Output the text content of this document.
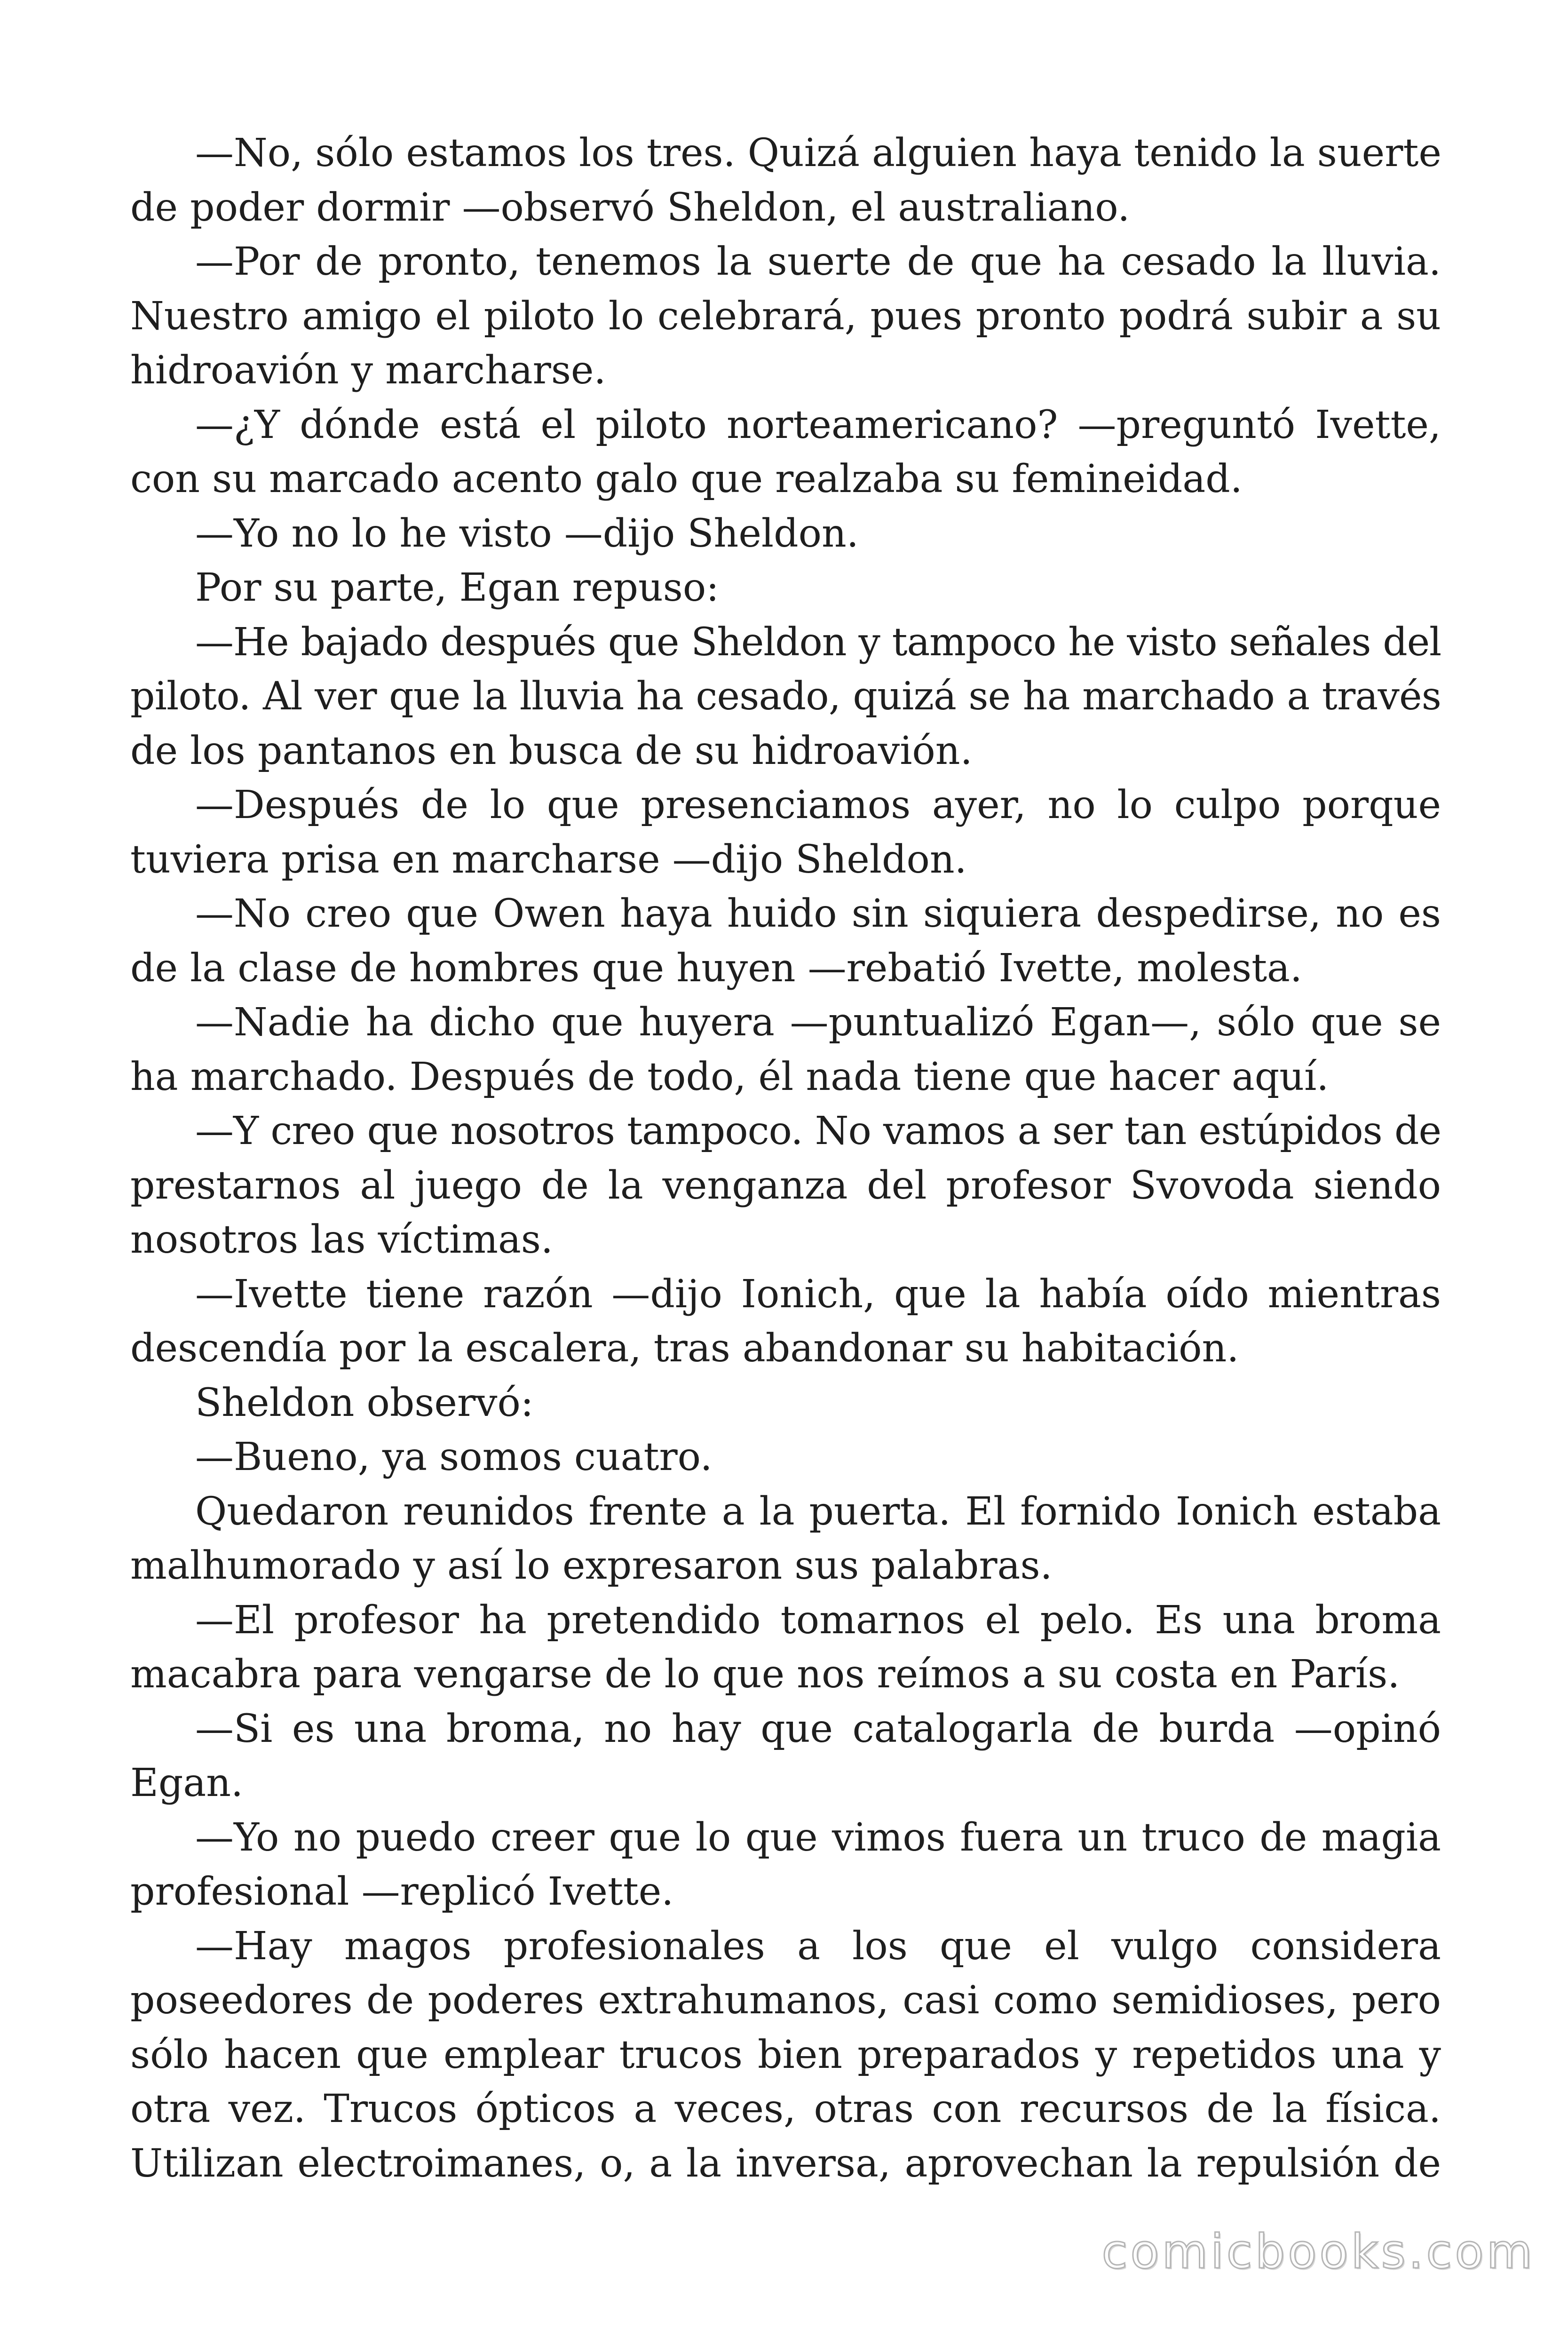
—No, sólo estamos los tres. Quizá alguien haya tenido la suerte
de poder dormir —observó Sheldon, el australiano.
—Por de pronto, tenemos la suerte de que ha cesado la lluvia.
Nuestro amigo el piloto lo celebrará, pues pronto podrá subir a su
hidroavión y marcharse.
—¿Y dónde está el piloto norteamericano? —preguntó Ivette,
con su marcado acento galo que realzaba su femineidad.
—Yo no lo he visto —dijo Sheldon.
Por su parte, Egan repuso:
—He bajado después que Sheldon y tampoco he visto señales del
piloto. Al ver que la lluvia ha cesado, quizá se ha marchado a través
de los pantanos en busca de su hidroavión.
—Después de lo que presenciamos ayer, no lo culpo porque
tuviera prisa en marcharse —dijo Sheldon.
—No creo que Owen haya huido sin siquiera despedirse, no es
de la clase de hombres que huyen —rebatió Ivette, molesta.
—Nadie ha dicho que huyera —puntualizó Egan—, sólo que se
ha marchado. Después de todo, él nada tiene que hacer aquí.
—Y creo que nosotros tampoco. No vamos a ser tan estúpidos de
prestarnos al juego de la venganza del profesor Svovoda siendo
nosotros las víctimas.
—Ivette tiene razón —dijo Ionich, que la había oído mientras
descendía por la escalera, tras abandonar su habitación.
Sheldon observó:
—Bueno, ya somos cuatro.
Quedaron reunidos frente a la puerta. El fornido Ionich estaba
malhumorado y así lo expresaron sus palabras.
—El profesor ha pretendido tomarnos el pelo. Es una broma
macabra para vengarse de lo que nos reímos a su costa en París.
—Si es una broma, no hay que catalogarla de burda —opinó
Egan.
—Yo no puedo creer que lo que vimos fuera un truco de magia
profesional —replicó Ivette.
—Hay magos profesionales a los que el vulgo considera
poseedores de poderes extrahumanos, casi como semidioses, pero
sólo hacen que emplear trucos bien preparados y repetidos una y
otra vez. Trucos ópticos a veces, otras con recursos de la física.
Utilizan electroimanes, o, a la inversa, aprovechan la repulsión de
comicbooks.com
